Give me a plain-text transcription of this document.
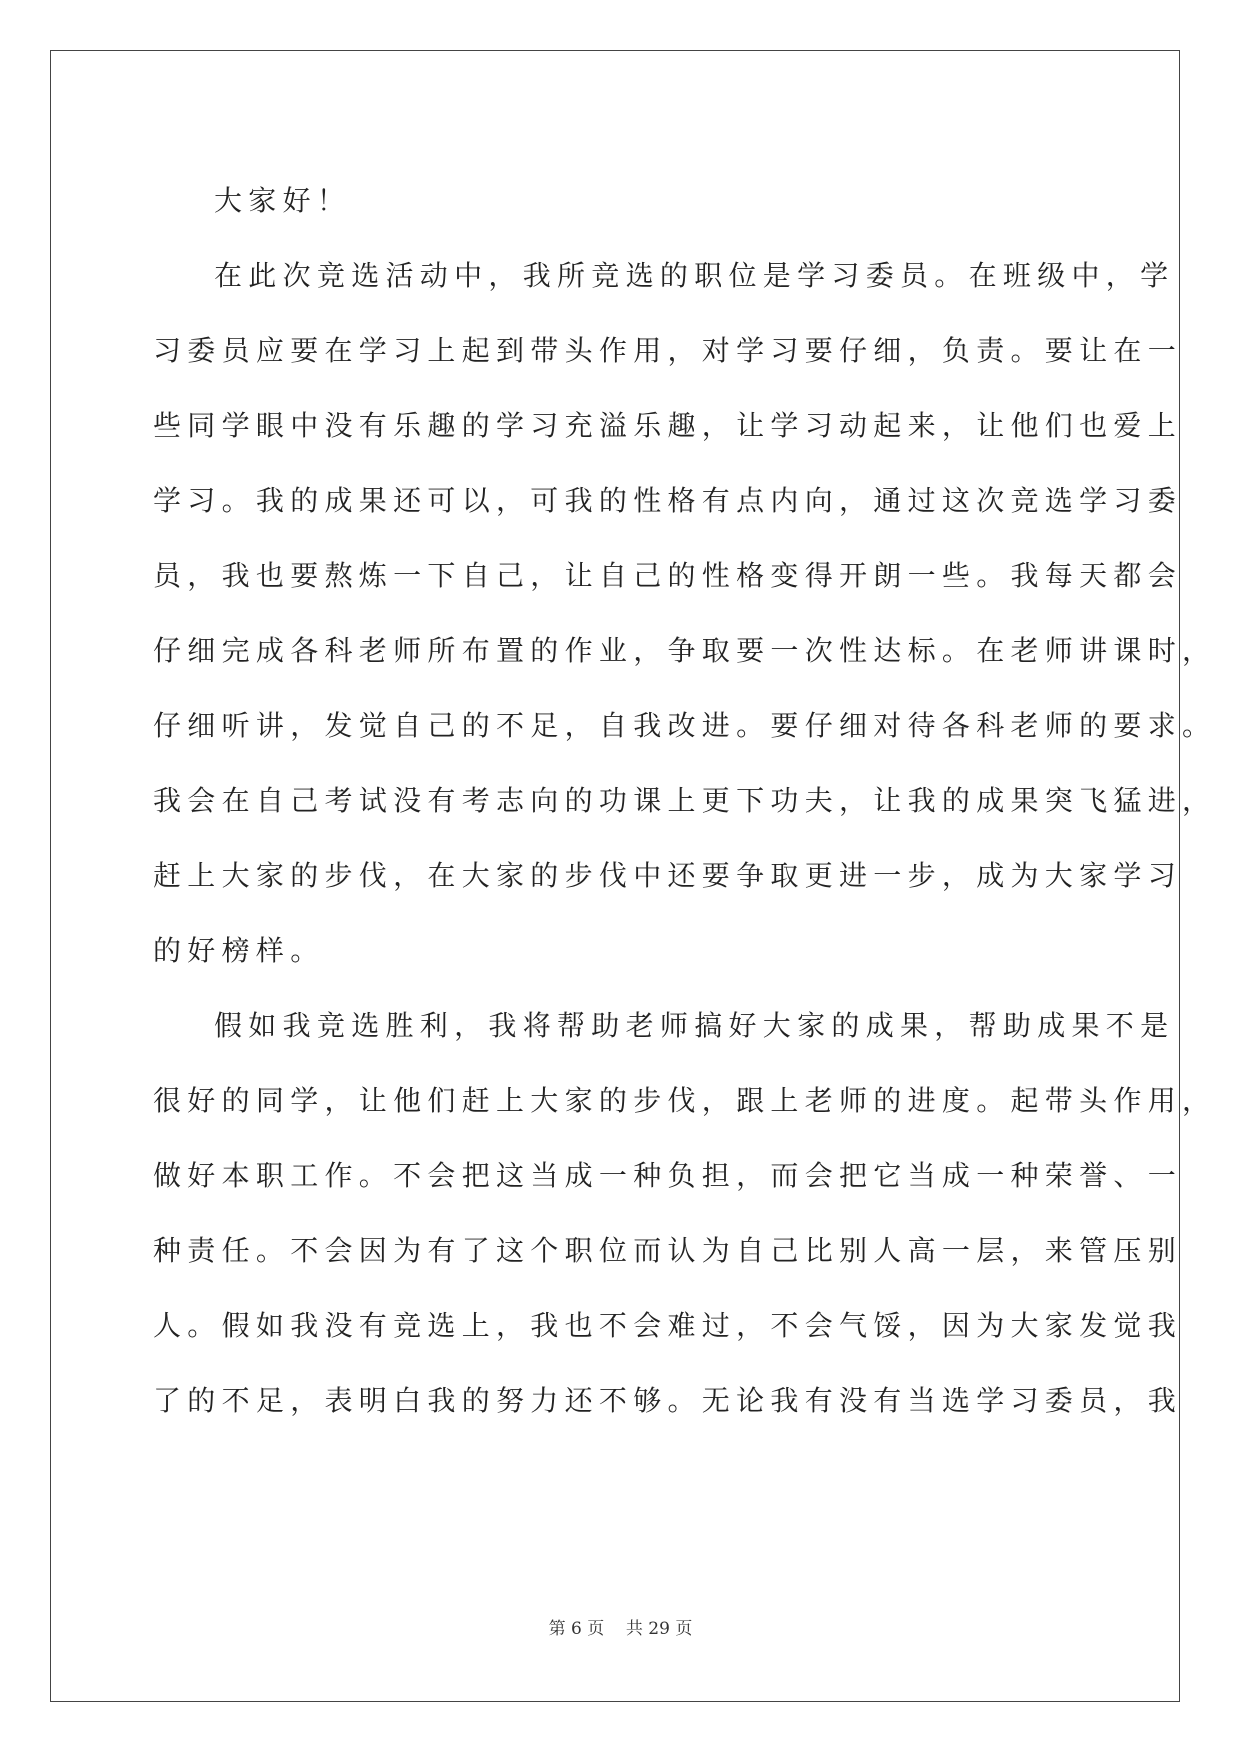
大家好！

在此次竞选活动中，我所竞选的职位是学习委员。在班级中，学

习委员应要在学习上起到带头作用，对学习要仔细，负责。要让在一

些同学眼中没有乐趣的学习充溢乐趣，让学习动起来，让他们也爱上

学习。我的成果还可以，可我的性格有点内向，通过这次竞选学习委

员，我也要熬炼一下自己，让自己的性格变得开朗一些。我每天都会

仔细完成各科老师所布置的作业，争取要一次性达标。在老师讲课时，

仔细听讲，发觉自己的不足，自我改进。要仔细对待各科老师的要求。

我会在自己考试没有考志向的功课上更下功夫，让我的成果突飞猛进，

赶上大家的步伐，在大家的步伐中还要争取更进一步，成为大家学习

的好榜样。

假如我竞选胜利，我将帮助老师搞好大家的成果，帮助成果不是

很好的同学，让他们赶上大家的步伐，跟上老师的进度。起带头作用，

做好本职工作。不会把这当成一种负担，而会把它当成一种荣誉、一

种责任。不会因为有了这个职位而认为自己比别人高一层，来管压别

人。假如我没有竞选上，我也不会难过，不会气馁，因为大家发觉我

了的不足，表明白我的努力还不够。无论我有没有当选学习委员，我

第 6 页    共 29 页
